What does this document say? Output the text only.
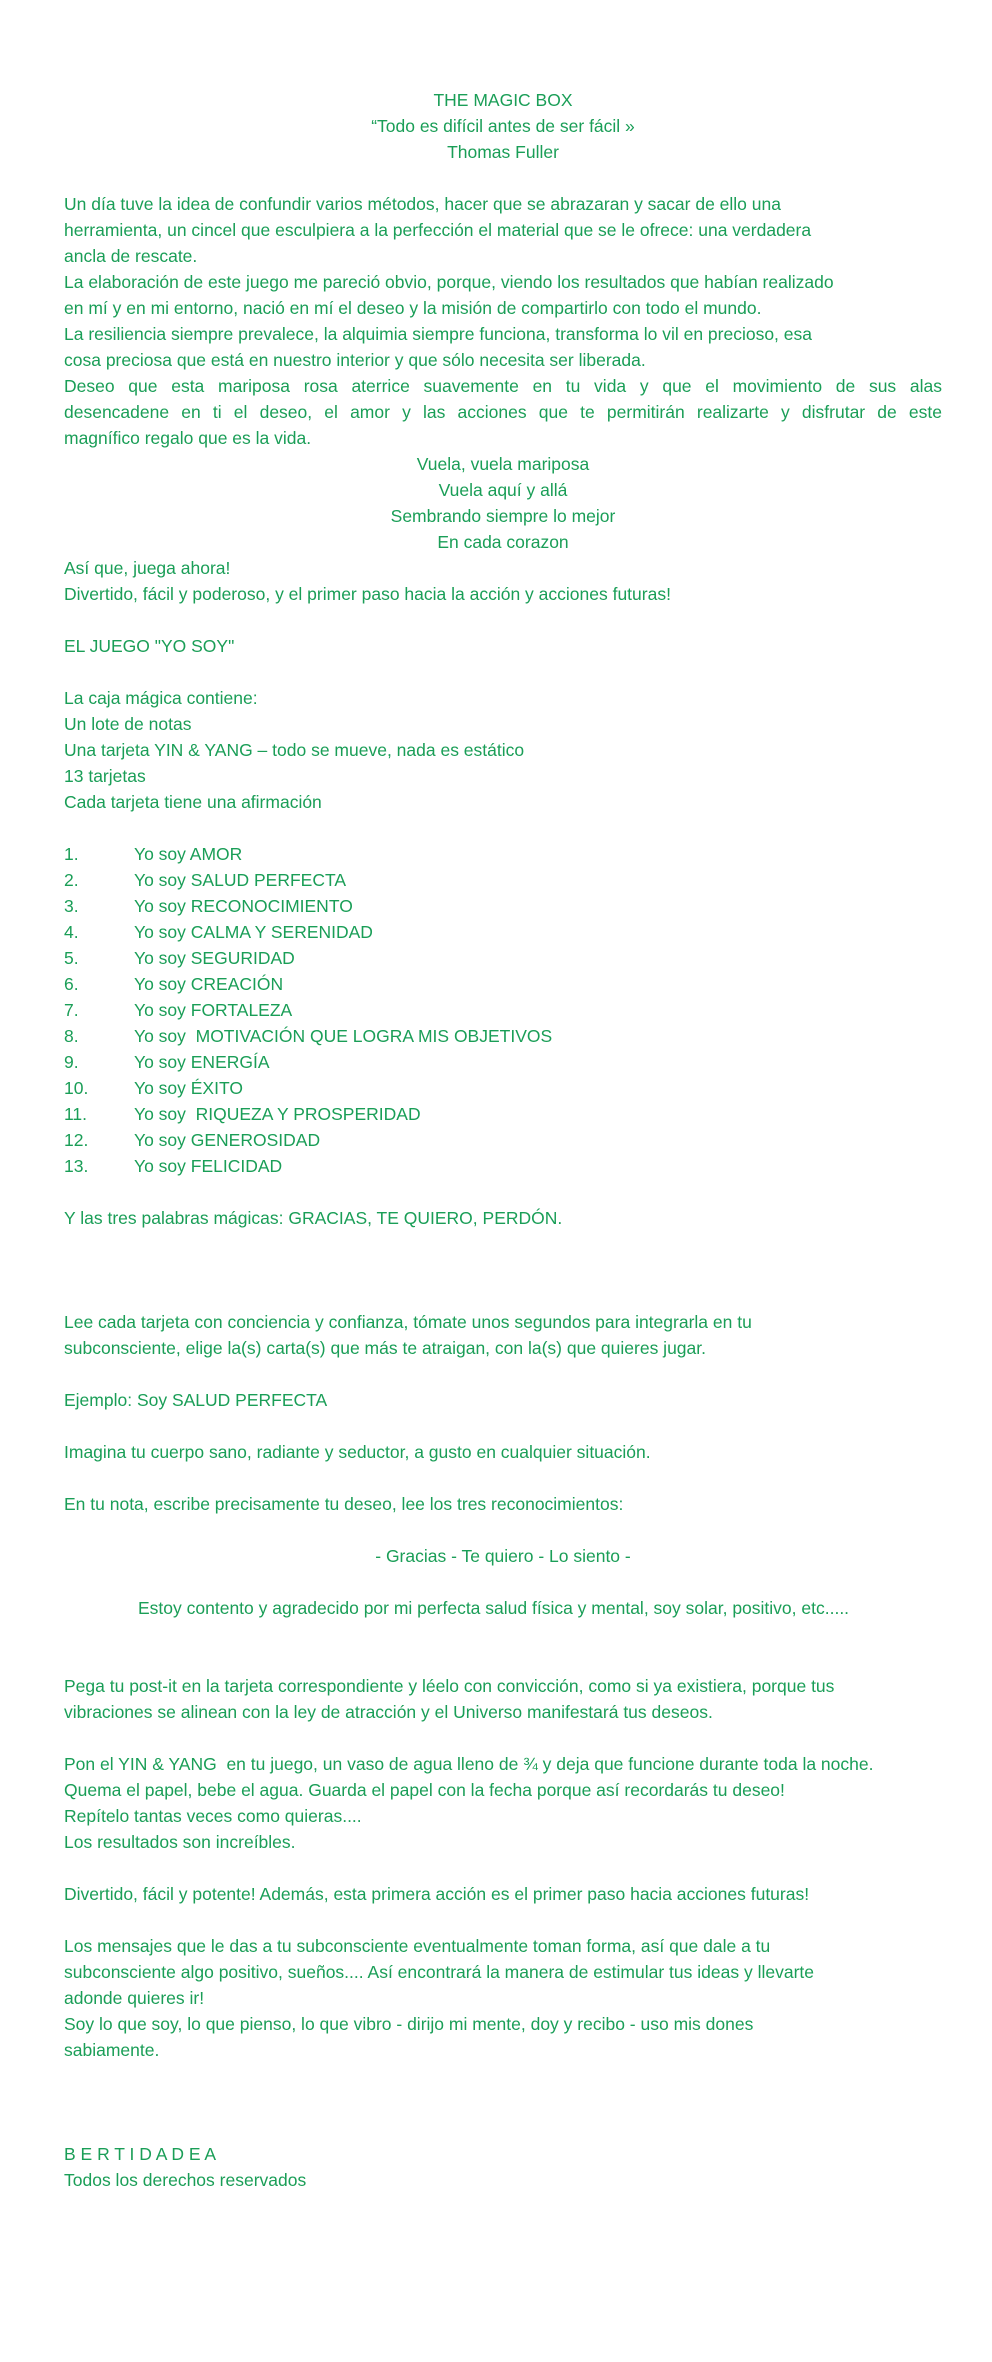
THE MAGIC BOX

“Todo es difícil antes de ser fácil »

Thomas Fuller

Un día tuve la idea de confundir varios métodos, hacer que se abrazaran y sacar de ello una

herramienta, un cincel que esculpiera a la perfección el material que se le ofrece: una verdadera

ancla de rescate.

La elaboración de este juego me pareció obvio, porque, viendo los resultados que habían realizado

en mí y en mi entorno, nació en mí el deseo y la misión de compartirlo con todo el mundo.

La resiliencia siempre prevalece, la alquimia siempre funciona, transforma lo vil en precioso, esa

cosa preciosa que está en nuestro interior y que sólo necesita ser liberada.

Deseo que esta mariposa rosa aterrice suavemente en tu vida y que el movimiento de sus alas

desencadene en ti el deseo, el amor y las acciones que te permitirán realizarte y disfrutar de este

magnífico regalo que es la vida.

Vuela, vuela mariposa

Vuela aquí y allá

Sembrando siempre lo mejor

En cada corazon

Así que, juega ahora!

Divertido, fácil y poderoso, y el primer paso hacia la acción y acciones futuras!

EL JUEGO "YO SOY"

La caja mágica contiene:

Un lote de notas

Una tarjeta YIN & YANG – todo se mueve, nada es estático

13 tarjetas

Cada tarjeta tiene una afirmación

1.	Yo soy AMOR
2.	Yo soy SALUD PERFECTA
3.	Yo soy RECONOCIMIENTO
4.	Yo soy CALMA Y SERENIDAD
5.	Yo soy SEGURIDAD
6.	Yo soy CREACIÓN
7.	Yo soy FORTALEZA
8.	Yo soy  MOTIVACIÓN QUE LOGRA MIS OBJETIVOS
9.	Yo soy ENERGÍA
10.	Yo soy ÉXITO
11.	Yo soy  RIQUEZA Y PROSPERIDAD
12.	Yo soy GENEROSIDAD
13.	Yo soy FELICIDAD

Y las tres palabras mágicas: GRACIAS, TE QUIERO, PERDÓN.

Lee cada tarjeta con conciencia y confianza, tómate unos segundos para integrarla en tu

subconsciente, elige la(s) carta(s) que más te atraigan, con la(s) que quieres jugar.

Ejemplo: Soy SALUD PERFECTA

Imagina tu cuerpo sano, radiante y seductor, a gusto en cualquier situación.

En tu nota, escribe precisamente tu deseo, lee los tres reconocimientos:

- Gracias - Te quiero - Lo siento -

Estoy contento y agradecido por mi perfecta salud física y mental, soy solar, positivo, etc.....

Pega tu post-it en la tarjeta correspondiente y léelo con convicción, como si ya existiera, porque tus

vibraciones se alinean con la ley de atracción y el Universo manifestará tus deseos.

Pon el YIN & YANG  en tu juego, un vaso de agua lleno de ¾ y deja que funcione durante toda la noche.

Quema el papel, bebe el agua. Guarda el papel con la fecha porque así recordarás tu deseo!

Repítelo tantas veces como quieras....

Los resultados son increíbles.

Divertido, fácil y potente! Además, esta primera acción es el primer paso hacia acciones futuras!

Los mensajes que le das a tu subconsciente eventualmente toman forma, así que dale a tu

subconsciente algo positivo, sueños.... Así encontrará la manera de estimular tus ideas y llevarte

adonde quieres ir!

Soy lo que soy, lo que pienso, lo que vibro - dirijo mi mente, doy y recibo - uso mis dones

sabiamente.

B E R T I D A D E A

Todos los derechos reservados
